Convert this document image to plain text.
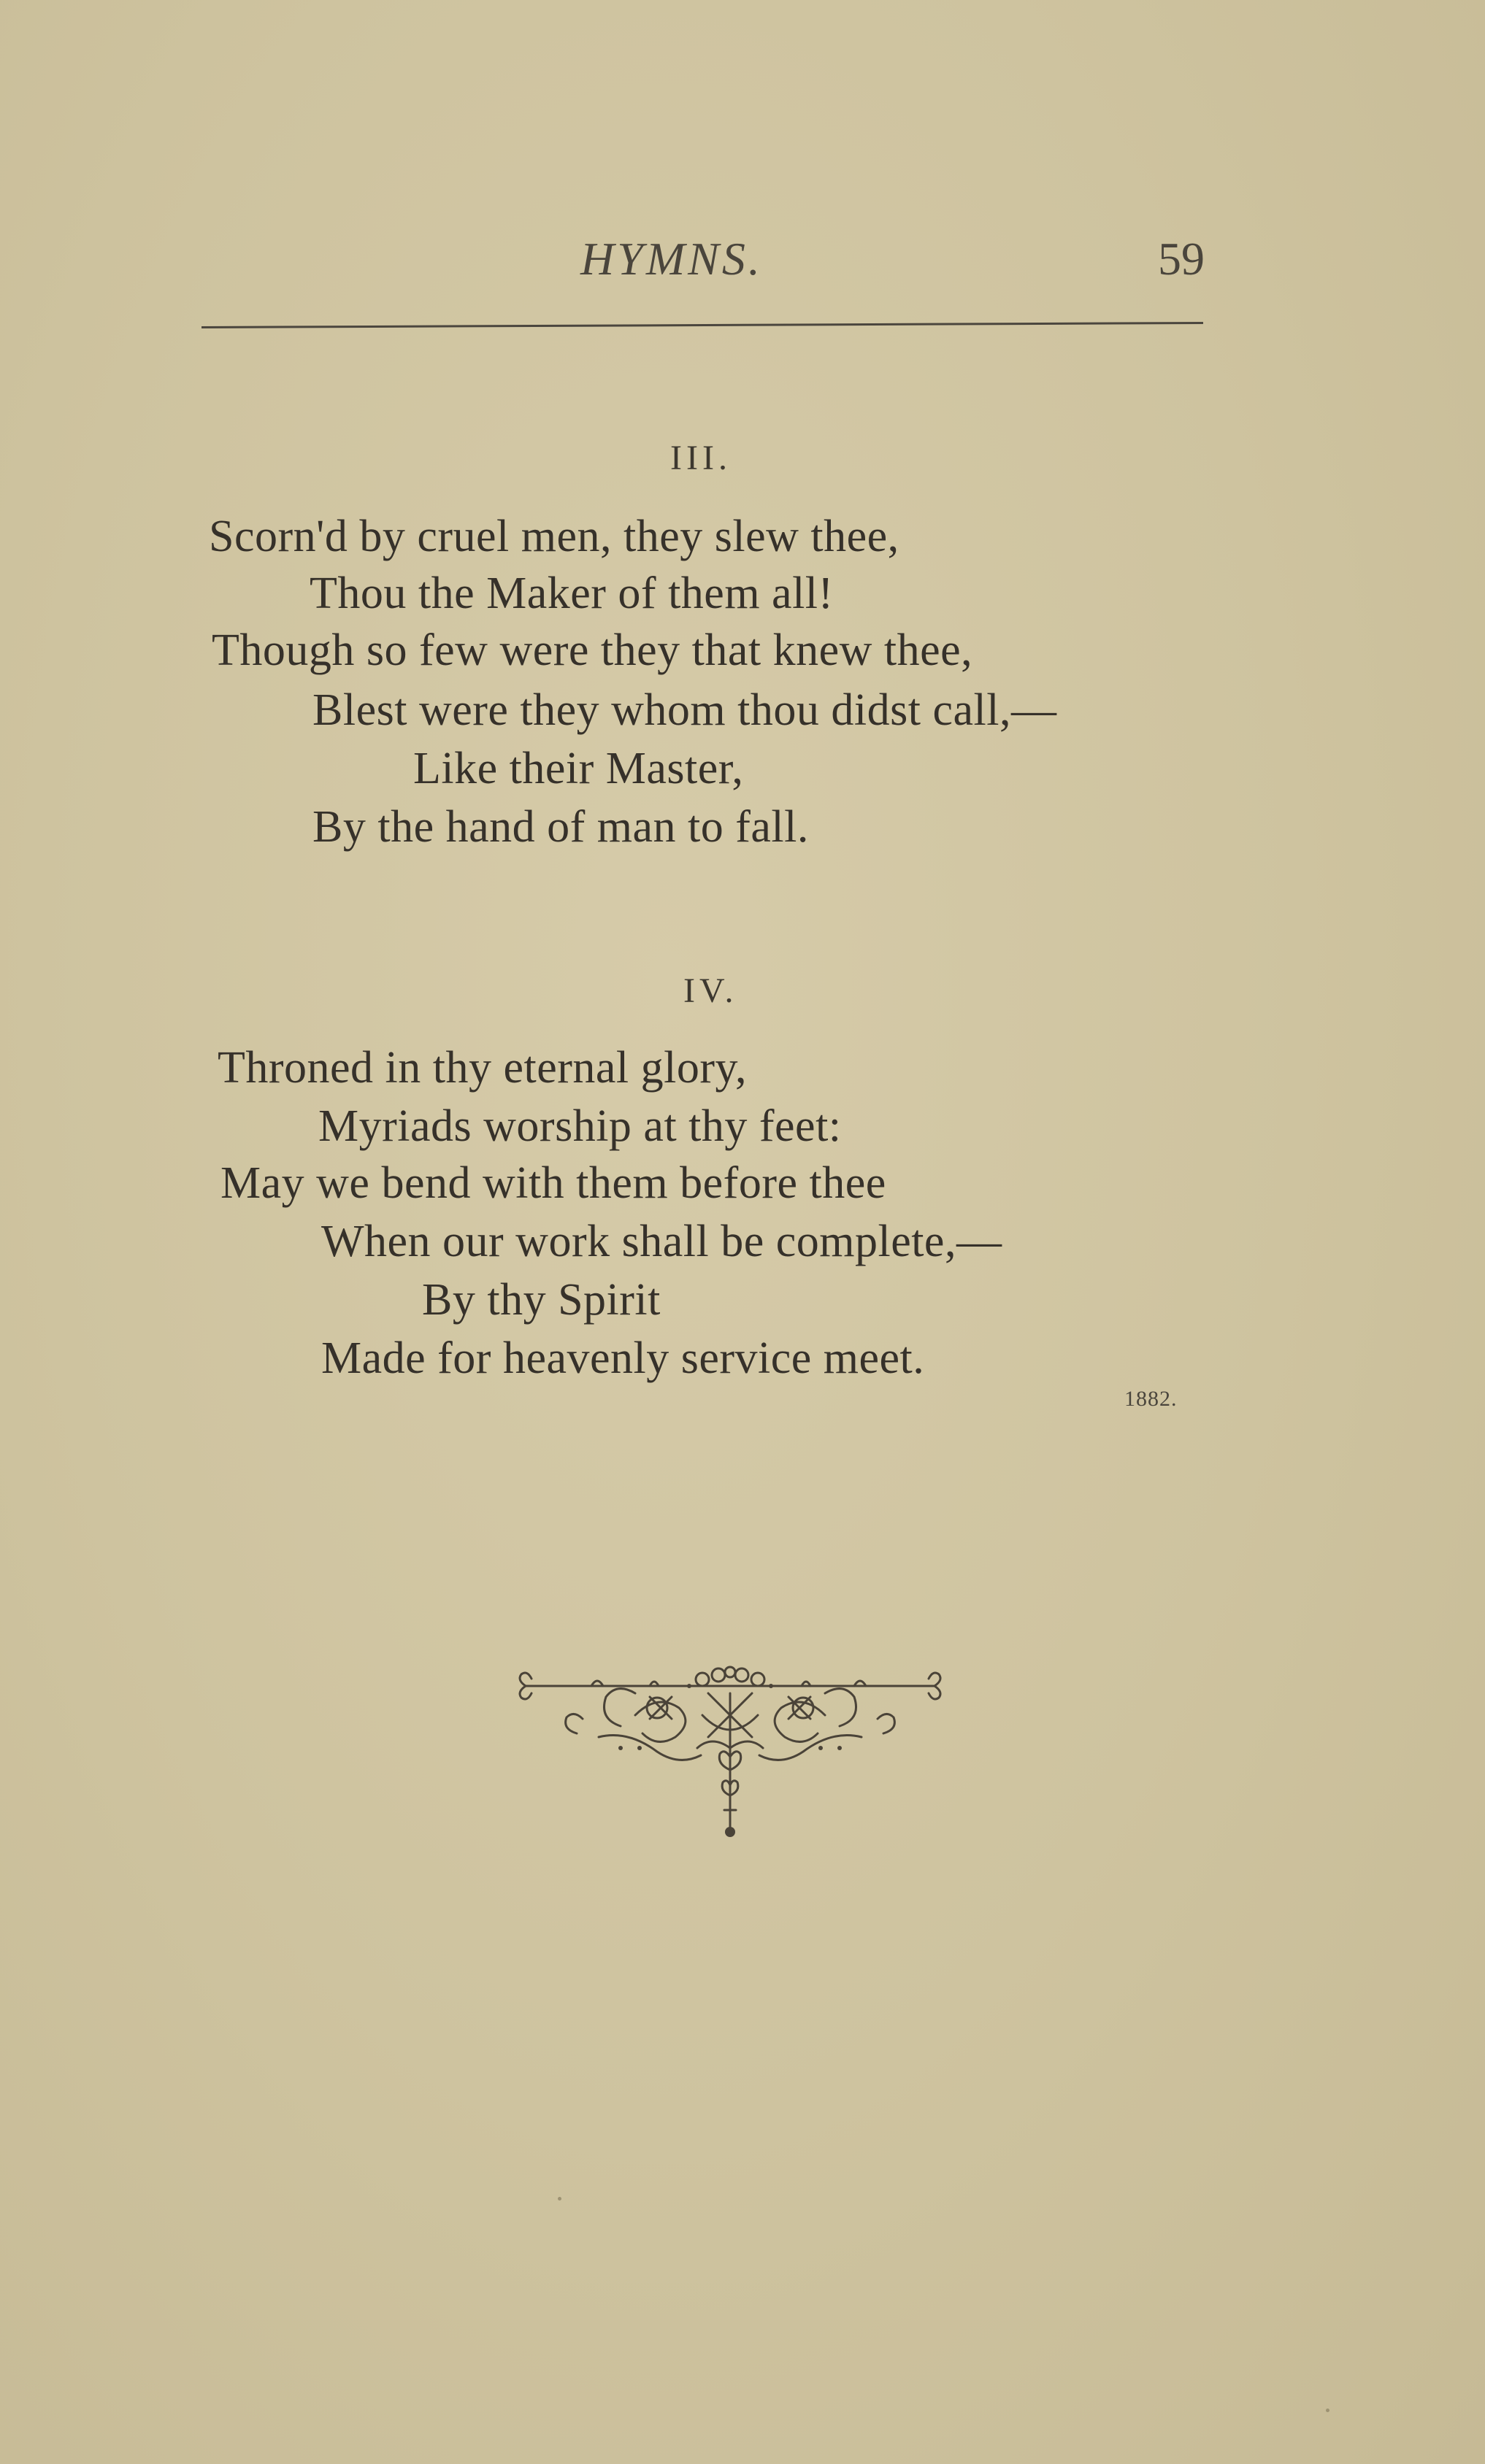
HYMNS.	59
III.
Scorn'd by cruel men, they slew thee,
Thou the Maker of them all!
Though so few were they that knew thee,
Blest were they whom thou didst call,—
Like their Master,
By the hand of man to fall.
IV.
Throned in thy eternal glory,
Myriads worship at thy feet:
May we bend with them before thee
When our work shall be complete,—
By thy Spirit
Made for heavenly service meet.
1882.
